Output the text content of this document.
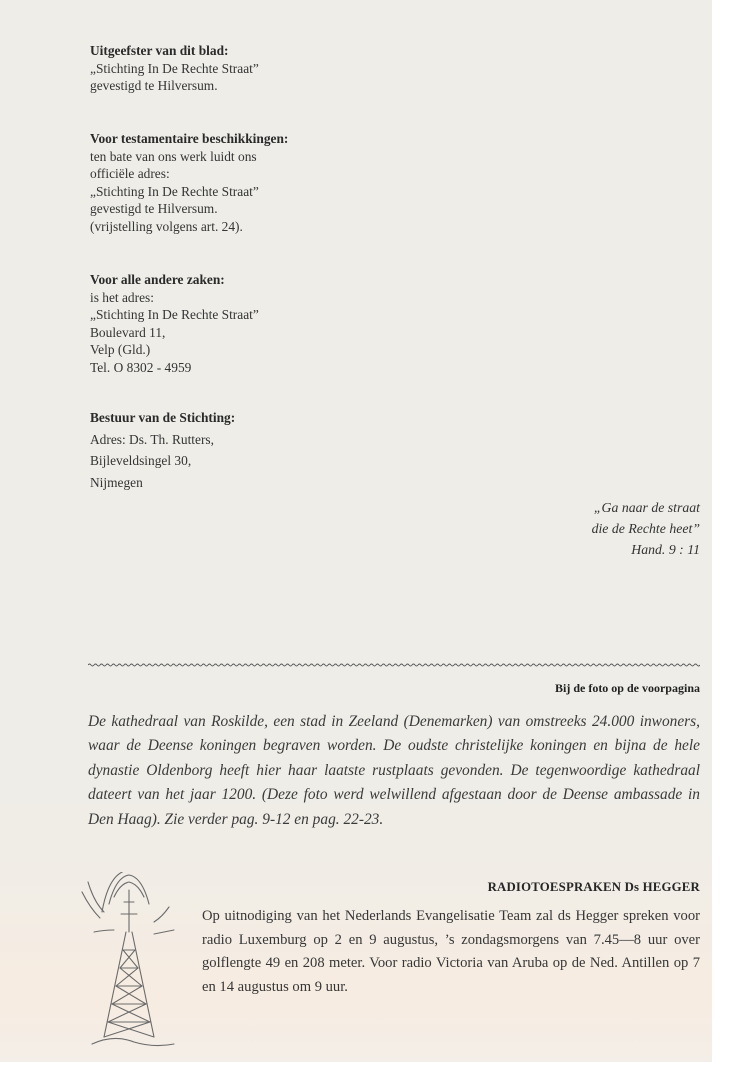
Uitgeefster van dit blad:
„Stichting In De Rechte Straat”
gevestigd te Hilversum.
Voor testamentaire beschikkingen:
ten bate van ons werk luidt ons
officiële adres:
„Stichting In De Rechte Straat”
gevestigd te Hilversum.
(vrijstelling volgens art. 24).
Voor alle andere zaken:
is het adres:
„Stichting In De Rechte Straat”
Boulevard 11,
Velp (Gld.)
Tel. O 8302 - 4959
Bestuur van de Stichting:
Adres: Ds. Th. Rutters,
Bijleveldsingel 30,
Nijmegen
„Ga naar de straat
die de Rechte heet”
Hand. 9 : 11
Bij de foto op de voorpagina

De kathedraal van Roskilde, een stad in Zeeland (Denemarken) van omstreeks 24.000 inwoners, waar de Deense koningen begraven worden. De oudste christelijke koningen en bijna de hele dynastie Oldenborg heeft hier haar laatste rustplaats gevonden. De tegenwoordige kathedraal dateert van het jaar 1200. (Deze foto werd welwillend afgestaan door de Deense ambassade in Den Haag). Zie verder pag. 9-12 en pag. 22-23.

RADIOTOESPRAKEN Ds HEGGER

Op uitnodiging van het Nederlands Evangelisatie Team zal ds Hegger spreken voor radio Luxemburg op 2 en 9 augustus, ’s zondagsmorgens van 7.45—8 uur over golflengte 49 en 208 meter. Voor radio Victoria van Aruba op de Ned. Antillen op 7 en 14 augustus om 9 uur.
